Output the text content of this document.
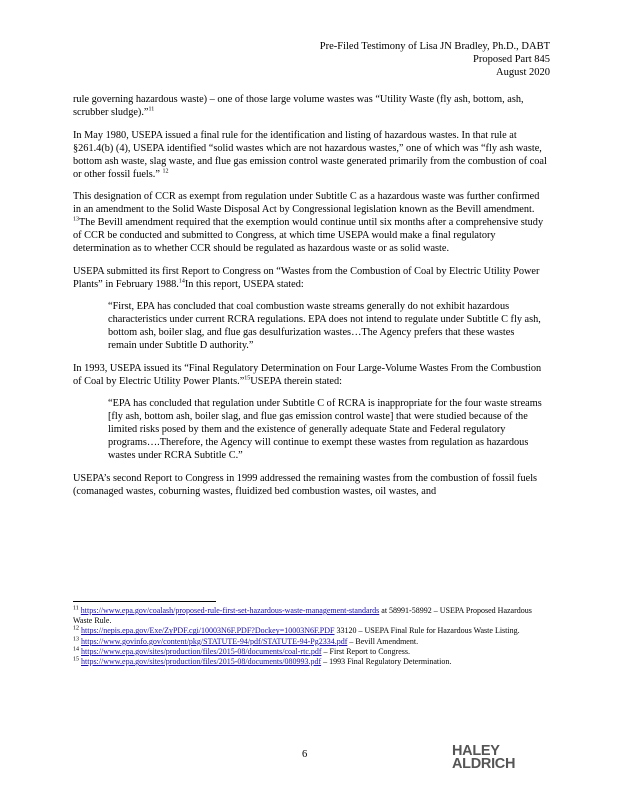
Pre-Filed Testimony of Lisa JN Bradley, Ph.D., DABT
Proposed Part 845
August 2020

rule governing hazardous waste) – one of those large volume wastes was “Utility Waste (fly ash, bottom, ash, scrubber sludge).”$^{11}$

In May 1980, USEPA issued a final rule for the identification and listing of hazardous wastes. In that rule at §261.4(b) (4), USEPA identified “solid wastes which are not hazardous wastes,” one of which was “fly ash waste, bottom ash waste, slag waste, and flue gas emission control waste generated primarily from the combustion of coal or other fossil fuels.” $^{12}$

This designation of CCR as exempt from regulation under Subtitle C as a hazardous waste was further confirmed in an amendment to the Solid Waste Disposal Act by Congressional legislation known as the Bevill amendment. $^{13}$The Bevill amendment required that the exemption would continue until six months after a comprehensive study of CCR be conducted and submitted to Congress, at which time USEPA would make a final regulatory determination as to whether CCR should be regulated as hazardous waste or as solid waste.

USEPA submitted its first Report to Congress on “Wastes from the Combustion of Coal by Electric Utility Power Plants” in February 1988.14In this report, USEPA stated:

“First, EPA has concluded that coal combustion waste streams generally do not exhibit hazardous characteristics under current RCRA regulations. EPA does not intend to regulate under Subtitle C fly ash, bottom ash, boiler slag, and flue gas desulfurization wastes…The Agency prefers that these wastes remain under Subtitle D authority.”

In 1993, USEPA issued its “Final Regulatory Determination on Four Large-Volume Wastes From the Combustion of Coal by Electric Utility Power Plants.”$^{15}$USEPA therein stated:

“EPA has concluded that regulation under Subtitle C of RCRA is inappropriate for the four waste streams [fly ash, bottom ash, boiler slag, and flue gas emission control waste] that were studied because of the limited risks posed by them and the existence of generally adequate State and Federal regulatory programs….Therefore, the Agency will continue to exempt these wastes from regulation as hazardous wastes under RCRA Subtitle C.”

USEPA’s second Report to Congress in 1999 addressed the remaining wastes from the combustion of fossil fuels (comanaged wastes, coburning wastes, fluidized bed combustion wastes, oil wastes, and

$^{11}$ https://www.epa.gov/coalash/proposed-rule-first-set-hazardous-waste-management-standards at 58991-58992 – USEPA Proposed Hazardous Waste Rule.

$^{12}$ https://nepis.epa.gov/Exe/ZyPDF.cgi/10003N6F.PDF?Dockey=10003N6F.PDF 33120 – USEPA Final Rule for Hazardous Waste Listing.

$^{13}$ https://www.govinfo.gov/content/pkg/STATUTE-94/pdf/STATUTE-94-Pg2334.pdf – Bevill Amendment.

$^{14}$ https://www.epa.gov/sites/production/files/2015-08/documents/coal-rtc.pdf – First Report to Congress.

$^{15}$ https://www.epa.gov/sites/production/files/2015-08/documents/080993.pdf – 1993 Final Regulatory Determination.

6	HALEY
ALDRICH
